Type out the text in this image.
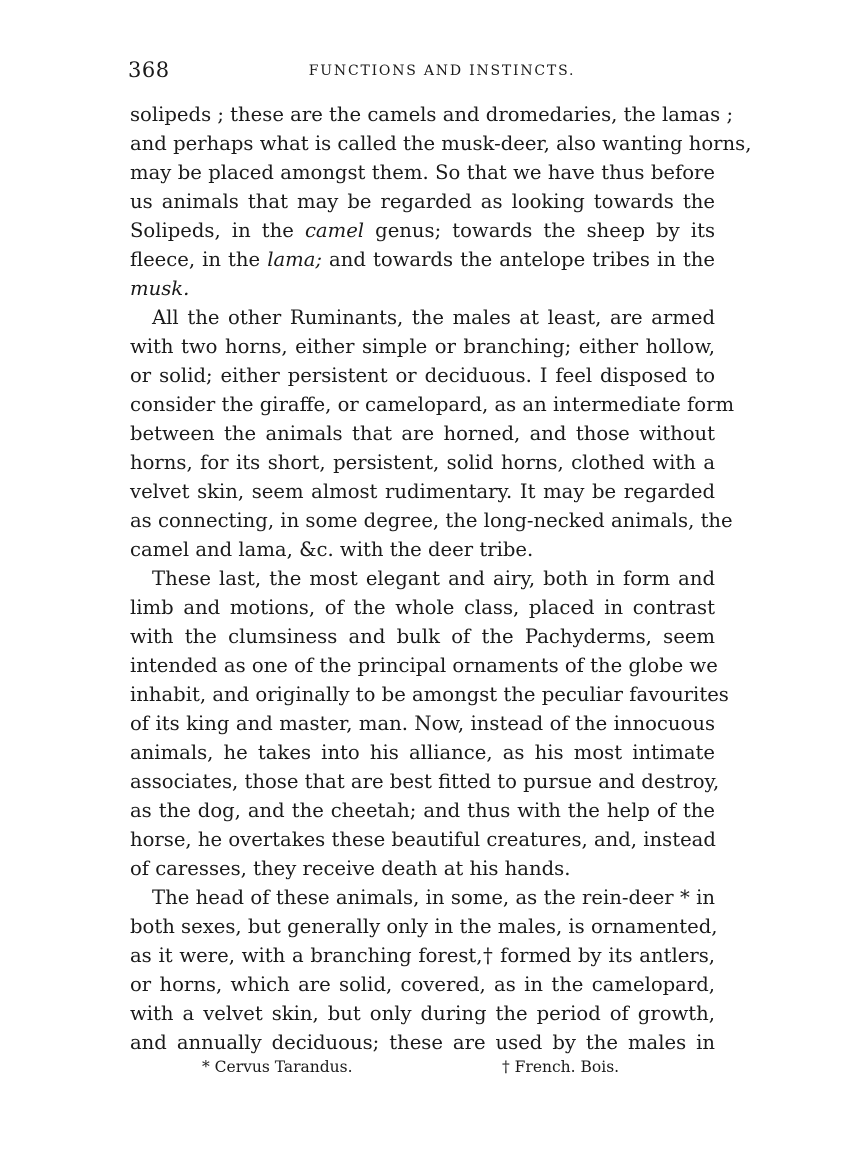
368	FUNCTIONS AND INSTINCTS.
solipeds ; these are the camels and dromedaries, the lamas ;
and perhaps what is called the musk-deer, also wanting horns,
may be placed amongst them. So that we have thus before
us animals that may be regarded as looking towards the
Solipeds, in the camel genus; towards the sheep by its
fleece, in the lama; and towards the antelope tribes in the
musk.
All the other Ruminants, the males at least, are armed
with two horns, either simple or branching; either hollow,
or solid; either persistent or deciduous. I feel disposed to
consider the giraffe, or camelopard, as an intermediate form
between the animals that are horned, and those without
horns, for its short, persistent, solid horns, clothed with a
velvet skin, seem almost rudimentary. It may be regarded
as connecting, in some degree, the long-necked animals, the
camel and lama, &c. with the deer tribe.
These last, the most elegant and airy, both in form and
limb and motions, of the whole class, placed in contrast
with the clumsiness and bulk of the Pachyderms, seem
intended as one of the principal ornaments of the globe we
inhabit, and originally to be amongst the peculiar favourites
of its king and master, man. Now, instead of the innocuous
animals, he takes into his alliance, as his most intimate
associates, those that are best fitted to pursue and destroy,
as the dog, and the cheetah; and thus with the help of the
horse, he overtakes these beautiful creatures, and, instead
of caresses, they receive death at his hands.
The head of these animals, in some, as the rein-deer * in
both sexes, but generally only in the males, is ornamented,
as it were, with a branching forest,† formed by its antlers,
or horns, which are solid, covered, as in the camelopard,
with a velvet skin, but only during the period of growth,
and annually deciduous; these are used by the males in
* Cervus Tarandus.	† French. Bois.
